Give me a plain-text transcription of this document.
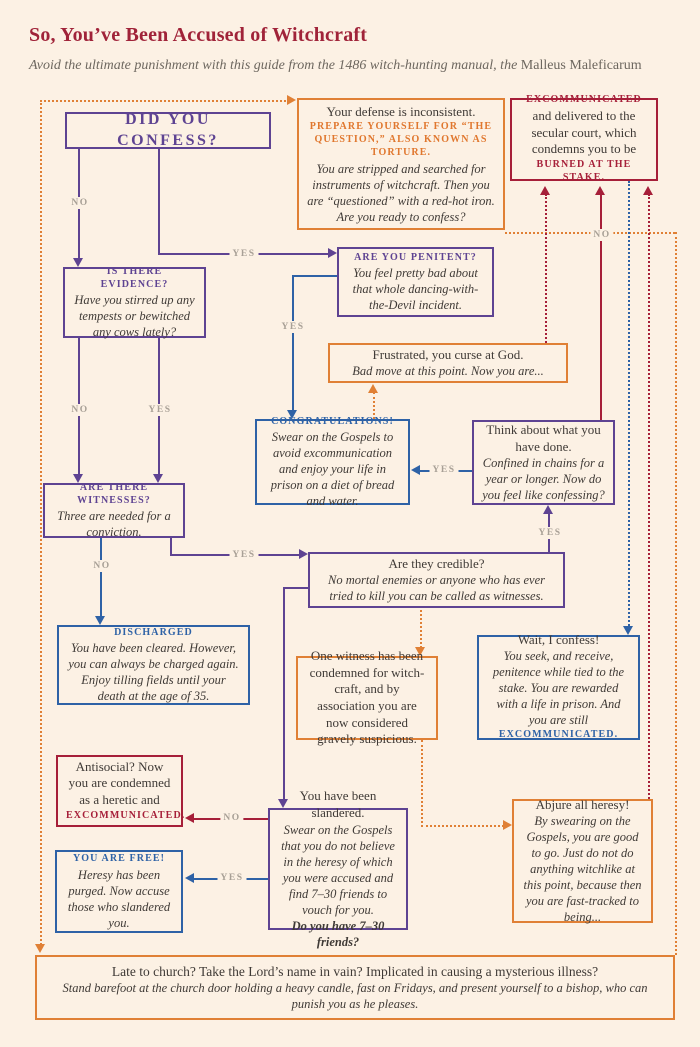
So, You’ve Been Accused of Witchcraft
Avoid the ultimate punishment with this guide from the 1486 witch-hunting manual, the Malleus Maleficarum
NO
YES
NO	YES
YES
NO
YES
YES
NO
YES
NO
YES
DID YOU CONFESS?
Your defense is inconsistent.
PREPARE YOURSELF FOR “THE QUESTION,” ALSO KNOWN AS TORTURE.
You are stripped and searched for instruments of witchcraft. Then you are “questioned” with a red-hot iron. Are you ready to confess?
EXCOMMUNICATED
and delivered to the secular court, which condemns you to be
BURNED AT THE STAKE.
IS THERE EVIDENCE?
Have you stirred up any tempests or bewitched any cows lately?
ARE YOU PENITENT?
You feel pretty bad about that whole dancing-with-the-Devil incident.
Frustrated, you curse at God.
Bad move at this point. Now you are...
CONGRATULATIONS!
Swear on the Gospels to avoid excommunication and enjoy your life in prison on a diet of bread and water.
Think about what you have done.
Confined in chains for a year or longer. Now do you feel like confessing?
ARE THERE WITNESSES?
Three are needed for a conviction.
Are they credible?
No mortal enemies or anyone who has ever tried to kill you can be called as witnesses.
DISCHARGED
You have been cleared. However, you can always be charged again. Enjoy tilling fields until your death at the age of 35.
One witness has been condemned for witch-craft, and by association you are now considered gravely suspicious.
Wait, I confess!
You seek, and receive, penitence while tied to the stake. You are rewarded with a life in prison. And you are still
EXCOMMUNICATED.
Antisocial? Now you are condemned as a heretic and
EXCOMMUNICATED.
YOU ARE FREE!
Heresy has been purged. Now accuse those who slandered you.
You have been slandered.
Swear on the Gospels that you do not believe in the heresy of which you were accused and find 7–30 friends to vouch for you.
Do you have 7–30 friends?
Abjure all heresy!
By swearing on the Gospels, you are good to go. Just do not do anything witchlike at this point, because then you are fast-tracked to being...
Late to church? Take the Lord’s name in vain? Implicated in causing a mysterious illness?
Stand barefoot at the church door holding a heavy candle, fast on Fridays, and present yourself to a bishop, who can punish you as he pleases.
